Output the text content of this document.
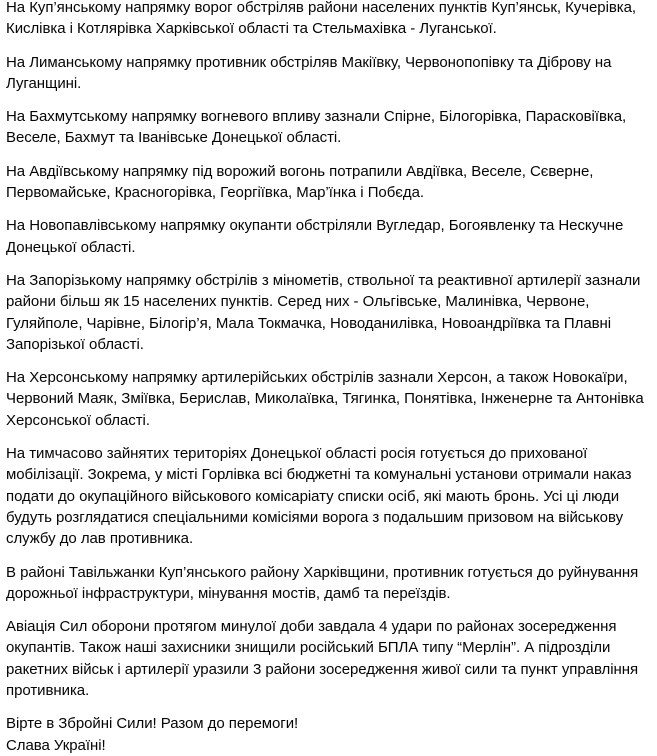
На Куп’янському напрямку ворог обстріляв райони населених пунктів Куп’янськ, Кучерівка,
Кислівка і Котлярівка Харківської області та Стельмахівка - Луганської.

На Лиманському напрямку противник обстріляв Макіївку, Червонопопівку та Діброву на
Луганщині.

На Бахмутському напрямку вогневого впливу зазнали Спірне, Білогорівка, Парасковіївка,
Веселе, Бахмут та Іванівське Донецької області.

На Авдіївському напрямку під ворожий вогонь потрапили Авдіївка, Веселе, Сєверне,
Первомайське, Красногорівка, Георгіївка, Мар’їнка і Побєда.

На Новопавлівському напрямку окупанти обстріляли Вугледар, Богоявленку та Нескучне
Донецької області.

На Запорізькому напрямку обстрілів з мінометів, ствольної та реактивної артилерії зазнали
райони більш як 15 населених пунктів. Серед них - Ольгівське, Малинівка, Червоне,
Гуляйполе, Чарівне, Білогір’я, Мала Токмачка, Новоданилівка, Новоандріївка та Плавні
Запорізької області.

На Херсонському напрямку артилерійських обстрілів зазнали Херсон, а також Новокаїри,
Червоний Маяк, Зміївка, Берислав, Миколаївка, Тягинка, Понятівка, Інженерне та Антонівка
Херсонської області.

На тимчасово зайнятих територіях Донецької області росія готується до прихованої
мобілізації. Зокрема, у місті Горлівка всі бюджетні та комунальні установи отримали наказ
подати до окупаційного військового комісаріату списки осіб, які мають бронь. Усі ці люди
будуть розглядатися спеціальними комісіями ворога з подальшим призовом на військову
службу до лав противника.

В районі Тавільжанки Куп’янського району Харківщини, противник готується до руйнування
дорожньої інфраструктури, мінування мостів, дамб та переїздів.

Авіація Сил оборони протягом минулої доби завдала 4 удари по районах зосередження
окупантів. Також наші захисники знищили російський БПЛА типу “Мерлін”. А підрозділи
ракетних військ і артилерії уразили 3 райони зосередження живої сили та пункт управління
противника.

Вірте в Збройні Сили! Разом до перемоги!
Слава Україні!
